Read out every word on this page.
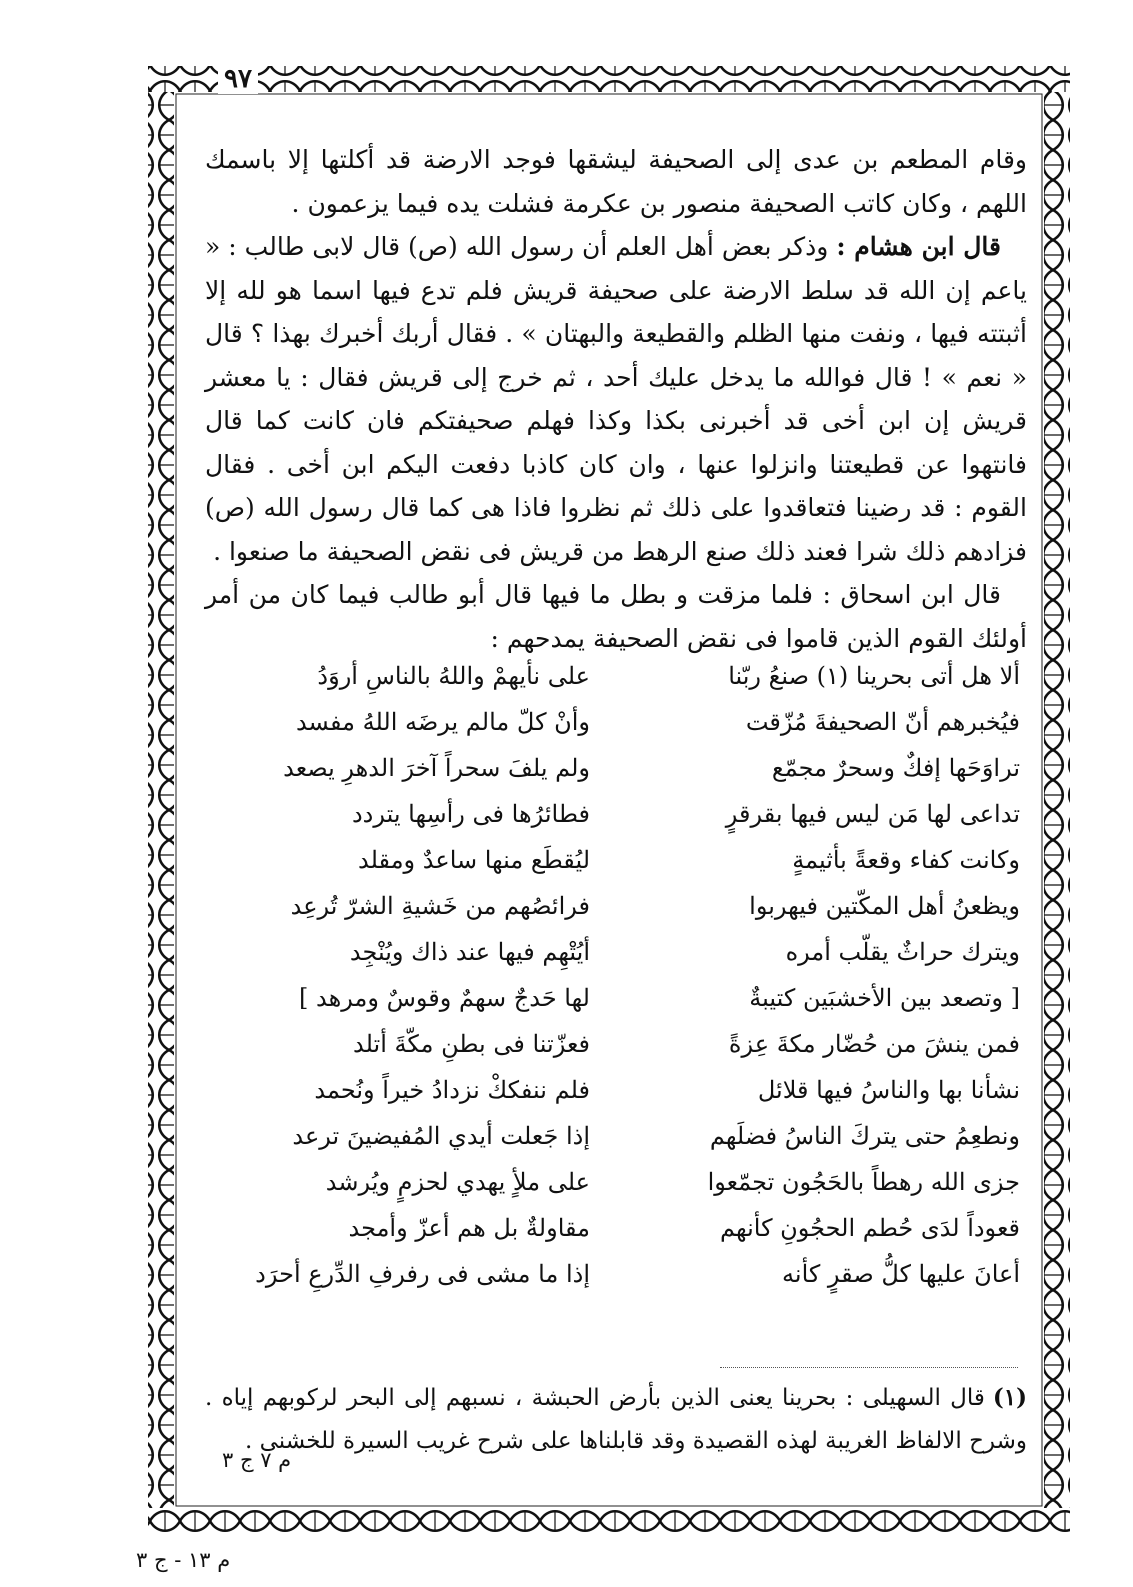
٩٧

وقام المطعم بن عدى إلى الصحيفة ليشقها فوجد الارضة قد أكلتها إلا باسمك اللهم ، وكان كاتب الصحيفة منصور بن عكرمة فشلت يده فيما يزعمون .

قال ابن هشام : وذكر بعض أهل العلم أن رسول الله (ص) قال لابى طالب : « ياعم إن الله قد سلط الارضة على صحيفة قريش فلم تدع فيها اسما هو لله إلا أثبتته فيها ، ونفت منها الظلم والقطيعة والبهتان » . فقال أربك أخبرك بهذا ؟ قال « نعم » ! قال فوالله ما يدخل عليك أحد ، ثم خرج إلى قريش فقال : يا معشر قريش إن ابن أخى قد أخبرنى بكذا وكذا فهلم صحيفتكم فان كانت كما قال فانتهوا عن قطيعتنا وانزلوا عنها ، وان كان كاذبا دفعت اليكم ابن أخى . فقال القوم : قد رضينا فتعاقدوا على ذلك ثم نظروا فاذا هى كما قال رسول الله (ص) فزادهم ذلك شرا فعند ذلك صنع الرهط من قريش فى نقض الصحيفة ما صنعوا .

قال ابن اسحاق : فلما مزقت و بطل ما فيها قال أبو طالب فيما كان من أمر أولئك القوم الذين قاموا فى نقض الصحيفة يمدحهم :

ألا هل أتى بحرينا (١) صنعُ ربّنا
على نأيهمْ واللهُ بالناسِ أروَدُ
فيُخبرهم أنّ الصحيفةَ مُزّقت
وأنْ كلّ مالم يرضَه اللهُ مفسد
تراوَحَها إفكٌ وسحرٌ مجمّع
ولم يلفَ سحراً آخرَ الدهرِ يصعد
تداعى لها مَن ليس فيها بقرقرٍ
فطائرُها فى رأسِها يتردد
وكانت كفاء وقعةً بأثيمةٍ
ليُقطَع منها ساعدٌ ومقلد
ويظعنُ أهل المكّتين فيهربوا
فرائصُهم من خَشيةِ الشرّ تُرعِد
ويترك حراثٌ يقلّب أمره
أيُتْهِم فيها عند ذاك ويُنْجِد
[ وتصعد بين الأخشبَين كتيبةٌ
لها حَدجٌ سهمٌ وقوسٌ ومرهد ]
فمن ينشَ من حُضّار مكةَ عِزةً
فعزّتنا فى بطنِ مكّةَ أتلد
نشأنا بها والناسُ فيها قلائل
فلم ننفككْ نزدادُ خيراً ونُحمد
ونطعِمُ حتى يتركَ الناسُ فضلَهم
إذا جَعلت أيدي المُفيضينَ ترعد
جزى الله رهطاً بالحَجُون تجمّعوا
على ملأٍ يهدي لحزمٍ ويُرشد
قعوداً لدَى حُطم الحجُونِ كأنهم
مقاولةٌ بل هم أعزّ وأمجد
أعانَ عليها كلُّ صقرٍ كأنه
إذا ما مشى فى رفرفِ الدِّرعِ أحرَد
(١)قال السهيلى : بحرينا يعنى الذين بأرض الحبشة ، نسبهم إلى البحر لركوبهم إياه . وشرح الالفاظ الغريبة لهذه القصيدة وقد قابلناها على شرح غريب السيرة للخشنى .
م ٧ ج ٣
م ١٣ - ج ٣
